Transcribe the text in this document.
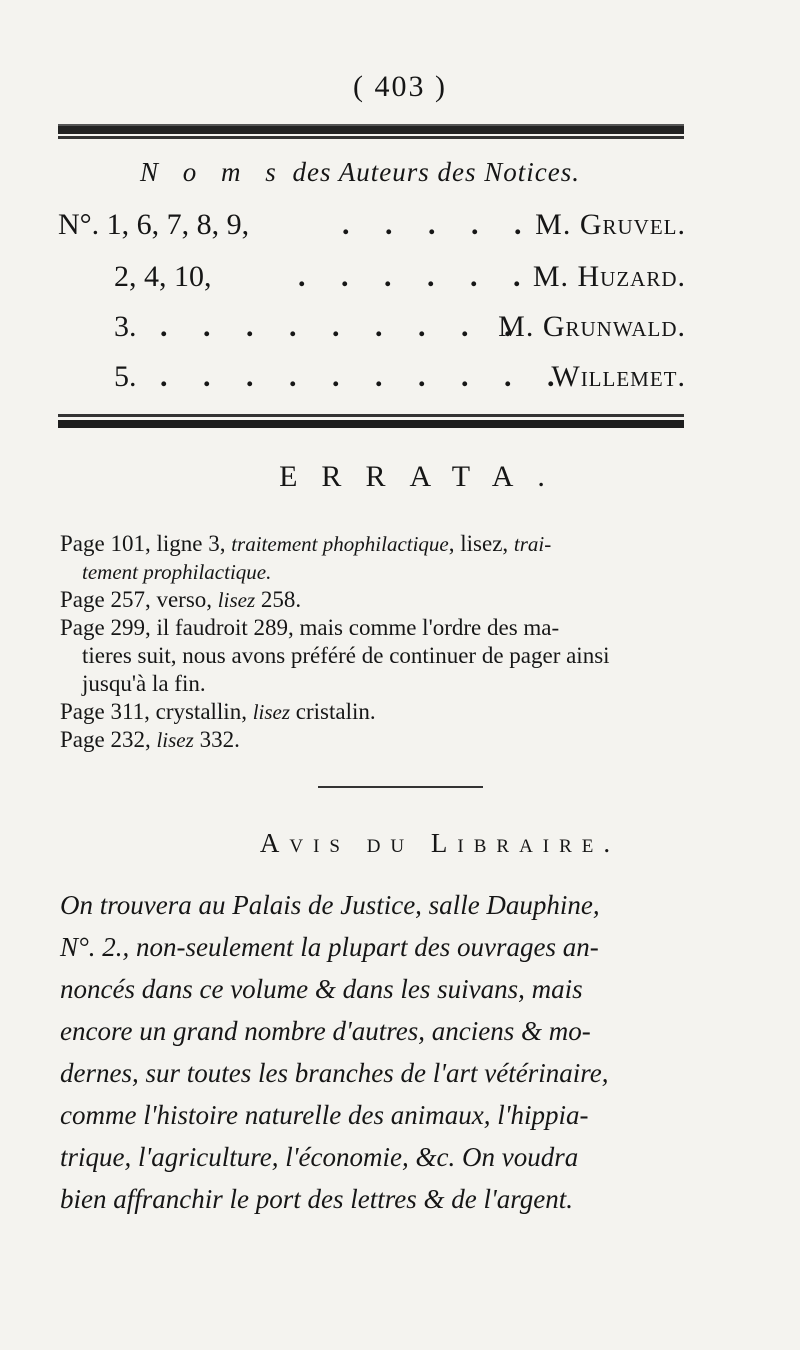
( 403 )
N o m s des Auteurs des Notices.
N°. 1, 6, 7, 8, 9,	. . . . . M. Gruvel.
2, 4, 10,	. . . . . .
M. Huzard.
3. . . . . . . . . .
M. Grunwald.
5. . . . . . . . . . .
Willemet.
ERRATA.
Page 101, ligne 3, traitement phophilactique, lisez, trai-
tement prophilactique.
Page 257, verso, lisez 258.
Page 299, il faudroit 289, mais comme l'ordre des ma-
tieres suit, nous avons préféré de continuer de pager ainsi
jusqu'à la fin.
Page 311, crystallin, lisez cristalin.
Page 232, lisez 332.
Avis du Libraire.
On trouvera au Palais de Justice, salle Dauphine,
N°. 2., non-seulement la plupart des ouvrages an-
noncés dans ce volume & dans les suivans, mais
encore un grand nombre d'autres, anciens & mo-
dernes, sur toutes les branches de l'art vétérinaire,
comme l'histoire naturelle des animaux, l'hippia-
trique, l'agriculture, l'économie, &c. On voudra
bien affranchir le port des lettres & de l'argent.
